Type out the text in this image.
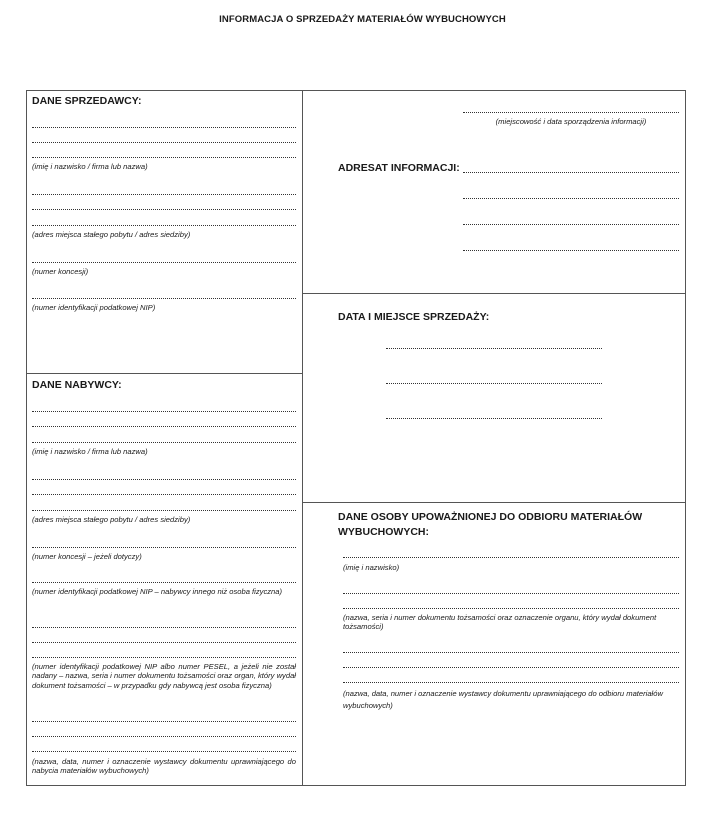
INFORMACJA O SPRZEDAŻY MATERIAŁÓW WYBUCHOWYCH
DANE SPRZEDAWCY:
(imię i nazwisko / firma lub nazwa)
(adres miejsca stałego pobytu / adres siedziby)
(numer koncesji)
(numer identyfikacji podatkowej NIP)
DANE NABYWCY:
(imię i nazwisko / firma lub nazwa)
(adres miejsca stałego pobytu / adres siedziby)
(numer koncesji – jeżeli dotyczy)
(numer identyfikacji podatkowej NIP – nabywcy innego niż osoba fizyczna)
(numer identyfikacji podatkowej NIP albo numer PESEL, a jeżeli nie został nadany – nazwa, seria i numer dokumentu tożsamości oraz organ, który wydał dokument tożsamości – w przypadku gdy nabywcą jest osoba fizyczna)
(nazwa, data, numer i oznaczenie wystawcy dokumentu uprawniającego do nabycia materiałów wybuchowych)
(miejscowość i data sporządzenia informacji)
ADRESAT INFORMACJI:
DATA I MIEJSCE SPRZEDAŻY:
DANE OSOBY UPOWAŻNIONEJ DO ODBIORU MATERIAŁÓW WYBUCHOWYCH:
(imię i nazwisko)
(nazwa, seria i numer dokumentu tożsamości oraz oznaczenie organu, który wydał dokument tożsamości)
(nazwa, data, numer i oznaczenie wystawcy dokumentu uprawniającego do odbioru materiałów wybuchowych)
